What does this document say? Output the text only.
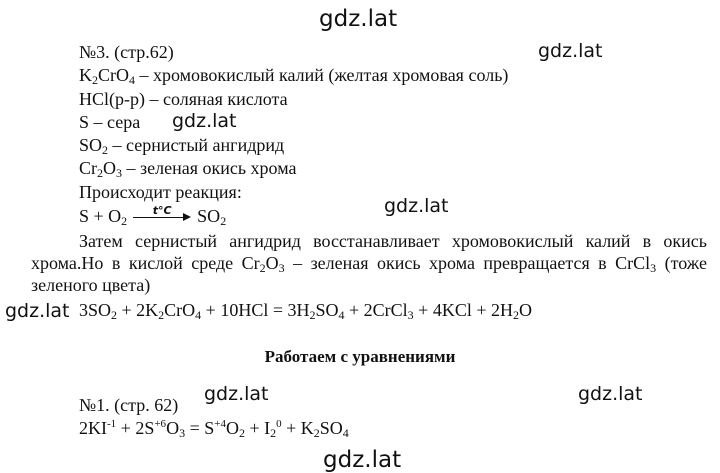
gdz.lat
gdz.lat
gdz.lat
gdz.lat
gdz.lat
gdz.lat	gdz.lat
gdz.lat
№3. (стр.62)
$K_2CrO_4$ – хромовокислый калий (желтая хромовая соль)
HCl(р-р) – соляная кислота
S – сера
$SO_2$ – сернистый ангидрид
$Cr_2O_3$ – зеленая окись хрома
Происходит реакция:
$S + O_2$
t°C	$SO_2$
Затем сернистый ангидрид восстанавливает хромовокислый калий в окись хрома.Но в кислой среде $Cr_2O_3$ – зеленая окись хрома превращается в CrCl$_3$ (тоже зеленого цвета)
$3SO_2 + 2K_2CrO_4 + 10HCl = 3H_2SO_4$ + 2CrCl$_3$ + $4KCl + 2H_2O$
Работаем с уравнениями
№1. (стр. 62)
$2KI^{-1} + 2S^{+6}O_3 = S^{+4}O_2 + I_2^0 + K_2SO_4$
